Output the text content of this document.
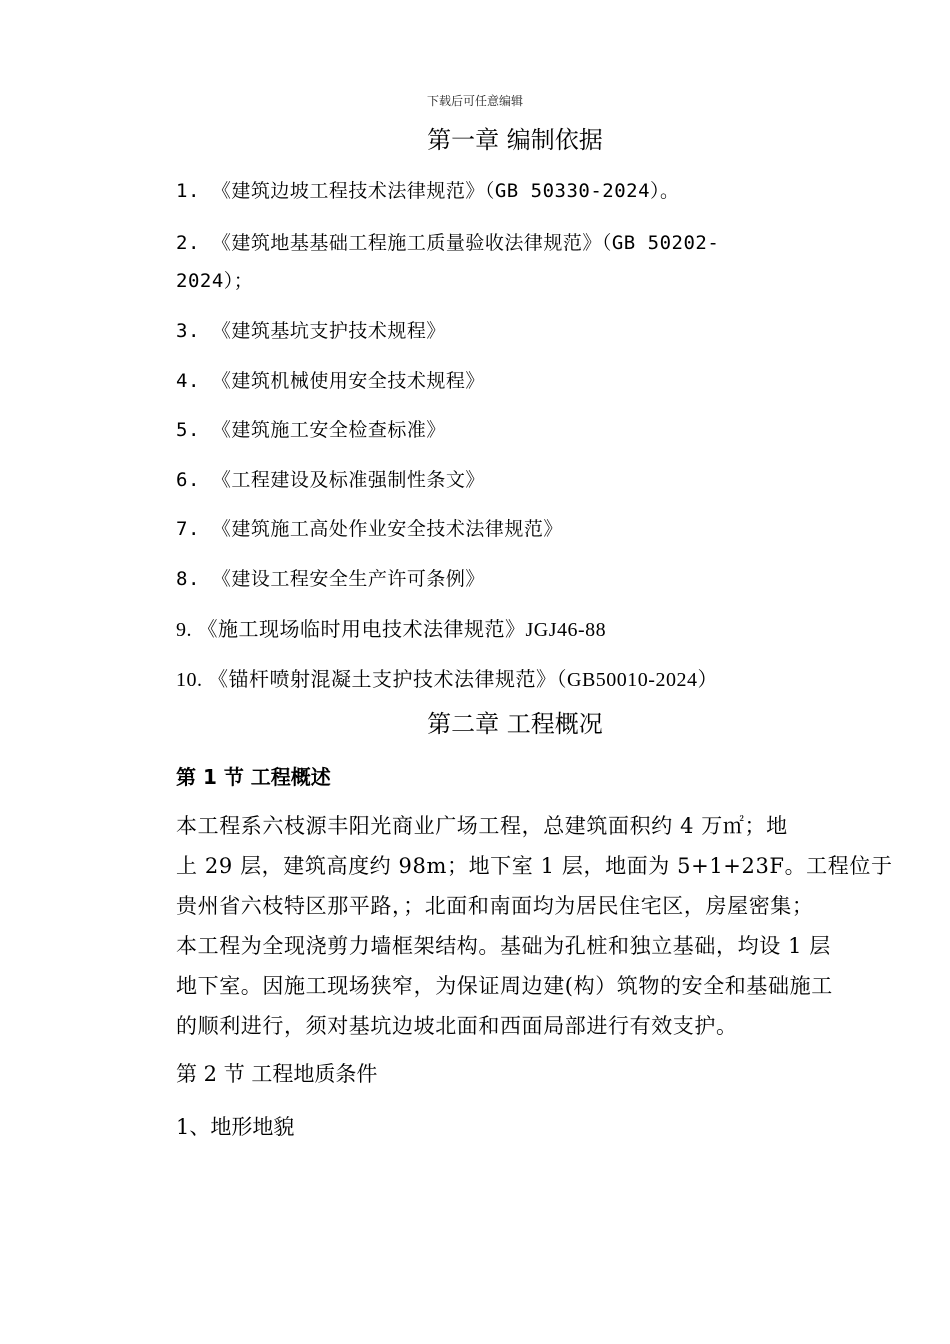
下载后可任意编辑
第一章 编制依据
1. 《建筑边坡工程技术法律规范》（GB 50330-2024）。
2. 《建筑地基基础工程施工质量验收法律规范》（GB 50202-
2024）；
3. 《建筑基坑支护技术规程》
4. 《建筑机械使用安全技术规程》
5. 《建筑施工安全检查标准》
6. 《工程建设及标准强制性条文》
7. 《建筑施工高处作业安全技术法律规范》
8. 《建设工程安全生产许可条例》
9. 《施工现场临时用电技术法律规范》JGJ46-88
10. 《锚杆喷射混凝土支护技术法律规范》（GB50010-2024）
第二章 工程概况
第 1 节 工程概述
本工程系六枝源丰阳光商业广场工程，总建筑面积约 4 万㎡；地
上 29 层，建筑高度约 98m；地下室 1 层，地面为 5+1+23F。工程位于
贵州省六枝特区那平路，；北面和南面均为居民住宅区，房屋密集；
本工程为全现浇剪力墙框架结构。基础为孔桩和独立基础，均设 1 层
地下室。因施工现场狭窄，为保证周边建(构）筑物的安全和基础施工
的顺利进行，须对基坑边坡北面和西面局部进行有效支护。
第 2 节 工程地质条件
1、地形地貌
